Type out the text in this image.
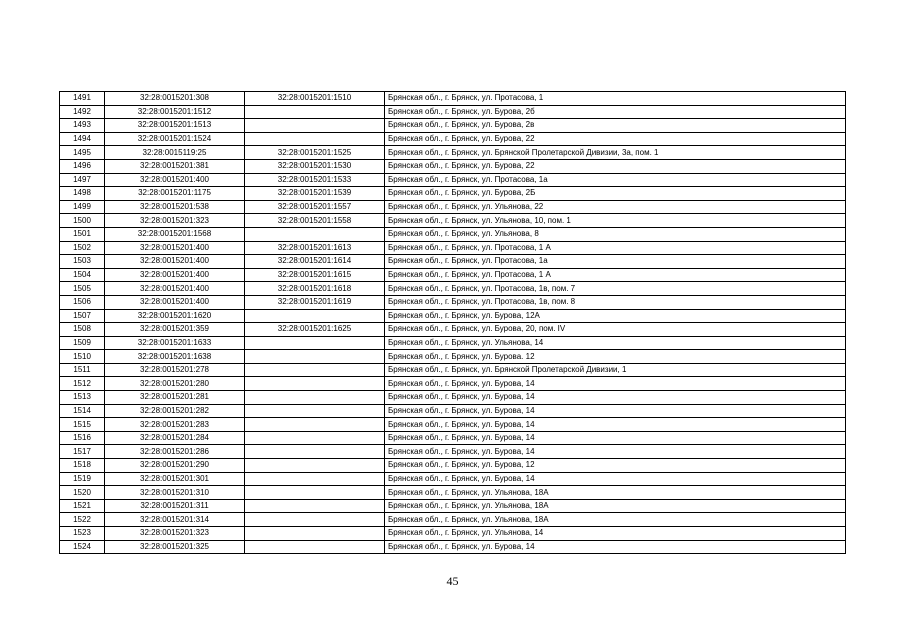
1491	32:28:0015201:308	32:28:0015201:1510	Брянская обл., г. Брянск, ул. Протасова, 1
1492	32:28:0015201:1512		Брянская обл., г. Брянск, ул. Бурова, 2б
1493	32:28:0015201:1513		Брянская обл., г. Брянск, ул. Бурова, 2в
1494	32:28:0015201:1524		Брянская обл., г. Брянск, ул. Бурова, 22
1495	32:28:0015119:25	32:28:0015201:1525	Брянская обл., г. Брянск, ул. Брянской Пролетарской Дивизии, 3а, пом. 1
1496	32:28:0015201:381	32:28:0015201:1530	Брянская обл., г. Брянск, ул. Бурова, 22
1497	32:28:0015201:400	32:28:0015201:1533	Брянская обл., г. Брянск, ул. Протасова, 1а
1498	32:28:0015201:1175	32:28:0015201:1539	Брянская обл., г. Брянск, ул. Бурова, 2Б
1499	32:28:0015201:538	32:28:0015201:1557	Брянская обл., г. Брянск, ул. Ульянова, 22
1500	32:28:0015201:323	32:28:0015201:1558	Брянская обл., г. Брянск, ул. Ульянова, 10, пом. 1
1501	32:28:0015201:1568		Брянская обл., г. Брянск, ул. Ульянова, 8
1502	32:28:0015201:400	32:28:0015201:1613	Брянская обл., г. Брянск, ул. Протасова, 1 А
1503	32:28:0015201:400	32:28:0015201:1614	Брянская обл., г. Брянск, ул. Протасова, 1а
1504	32:28:0015201:400	32:28:0015201:1615	Брянская обл., г. Брянск, ул. Протасова, 1 А
1505	32:28:0015201:400	32:28:0015201:1618	Брянская обл., г. Брянск, ул. Протасова, 1в, пом. 7
1506	32:28:0015201:400	32:28:0015201:1619	Брянская обл., г. Брянск, ул. Протасова, 1в, пом. 8
1507	32:28:0015201:1620		Брянская обл., г. Брянск, ул. Бурова, 12А
1508	32:28:0015201:359	32:28:0015201:1625	Брянская обл., г. Брянск, ул. Бурова, 20, пом. IV
1509	32:28:0015201:1633		Брянская обл., г. Брянск, ул. Ульянова, 14
1510	32:28:0015201:1638		Брянская обл., г. Брянск, ул. Бурова. 12
1511	32:28:0015201:278		Брянская обл., г. Брянск, ул. Брянской Пролетарской Дивизии, 1
1512	32:28:0015201:280		Брянская обл., г. Брянск, ул. Бурова, 14
1513	32:28:0015201:281		Брянская обл., г. Брянск, ул. Бурова, 14
1514	32:28:0015201:282		Брянская обл., г. Брянск, ул. Бурова, 14
1515	32:28:0015201:283		Брянская обл., г. Брянск, ул. Бурова, 14
1516	32:28:0015201:284		Брянская обл., г. Брянск, ул. Бурова, 14
1517	32:28:0015201:286		Брянская обл., г. Брянск, ул. Бурова, 14
1518	32:28:0015201:290		Брянская обл., г. Брянск, ул. Бурова, 12
1519	32:28:0015201:301		Брянская обл., г. Брянск, ул. Бурова, 14
1520	32:28:0015201:310		Брянская обл., г. Брянск, ул. Ульянова, 18А
1521	32:28:0015201:311		Брянская обл., г. Брянск, ул. Ульянова, 18А
1522	32:28:0015201:314		Брянская обл., г. Брянск, ул. Ульянова, 18А
1523	32:28:0015201:323		Брянская обл., г. Брянск, ул. Ульянова, 14
1524	32:28:0015201:325		Брянская обл., г. Брянск, ул. Бурова, 14
45
